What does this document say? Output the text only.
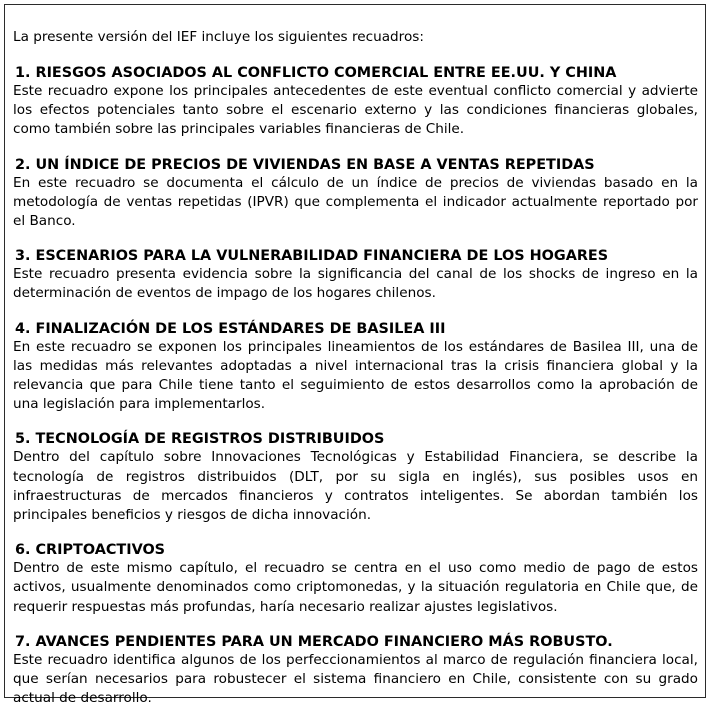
La presente versión del IEF incluye los siguientes recuadros:

1. RIESGOS ASOCIADOS AL CONFLICTO COMERCIAL ENTRE EE.UU. Y CHINA

Este recuadro expone los principales antecedentes de este eventual conflicto comercial y advierte los efectos potenciales tanto sobre el escenario externo y las condiciones financieras globales, como también sobre las principales variables financieras de Chile.

2. UN ÍNDICE DE PRECIOS DE VIVIENDAS EN BASE A VENTAS REPETIDAS

En este recuadro se documenta el cálculo de un índice de precios de viviendas basado en la metodología de ventas repetidas (IPVR) que complementa el indicador actualmente reportado por el Banco.

3. ESCENARIOS PARA LA VULNERABILIDAD FINANCIERA DE LOS HOGARES

Este recuadro presenta evidencia sobre la significancia del canal de los shocks de ingreso en la determinación de eventos de impago de los hogares chilenos.

4. FINALIZACIÓN DE LOS ESTÁNDARES DE BASILEA III

En este recuadro se exponen los principales lineamientos de los estándares de Basilea III, una de las medidas más relevantes adoptadas a nivel internacional tras la crisis financiera global y la relevancia que para Chile tiene tanto el seguimiento de estos desarrollos como la aprobación de una legislación para implementarlos.

5. TECNOLOGÍA DE REGISTROS DISTRIBUIDOS

Dentro del capítulo sobre Innovaciones Tecnológicas y Estabilidad Financiera, se describe la tecnología de registros distribuidos (DLT, por su sigla en inglés), sus posibles usos en infraestructuras de mercados financieros y contratos inteligentes. Se abordan también los principales beneficios y riesgos de dicha innovación.

6. CRIPTOACTIVOS

Dentro de este mismo capítulo, el recuadro se centra en el uso como medio de pago de estos activos, usualmente denominados como criptomonedas, y la situación regulatoria en Chile que, de requerir respuestas más profundas, haría necesario realizar ajustes legislativos.

7. AVANCES PENDIENTES PARA UN MERCADO FINANCIERO MÁS ROBUSTO.

Este recuadro identifica algunos de los perfeccionamientos al marco de regulación financiera local, que serían necesarios para robustecer el sistema financiero en Chile, consistente con su grado actual de desarrollo.
